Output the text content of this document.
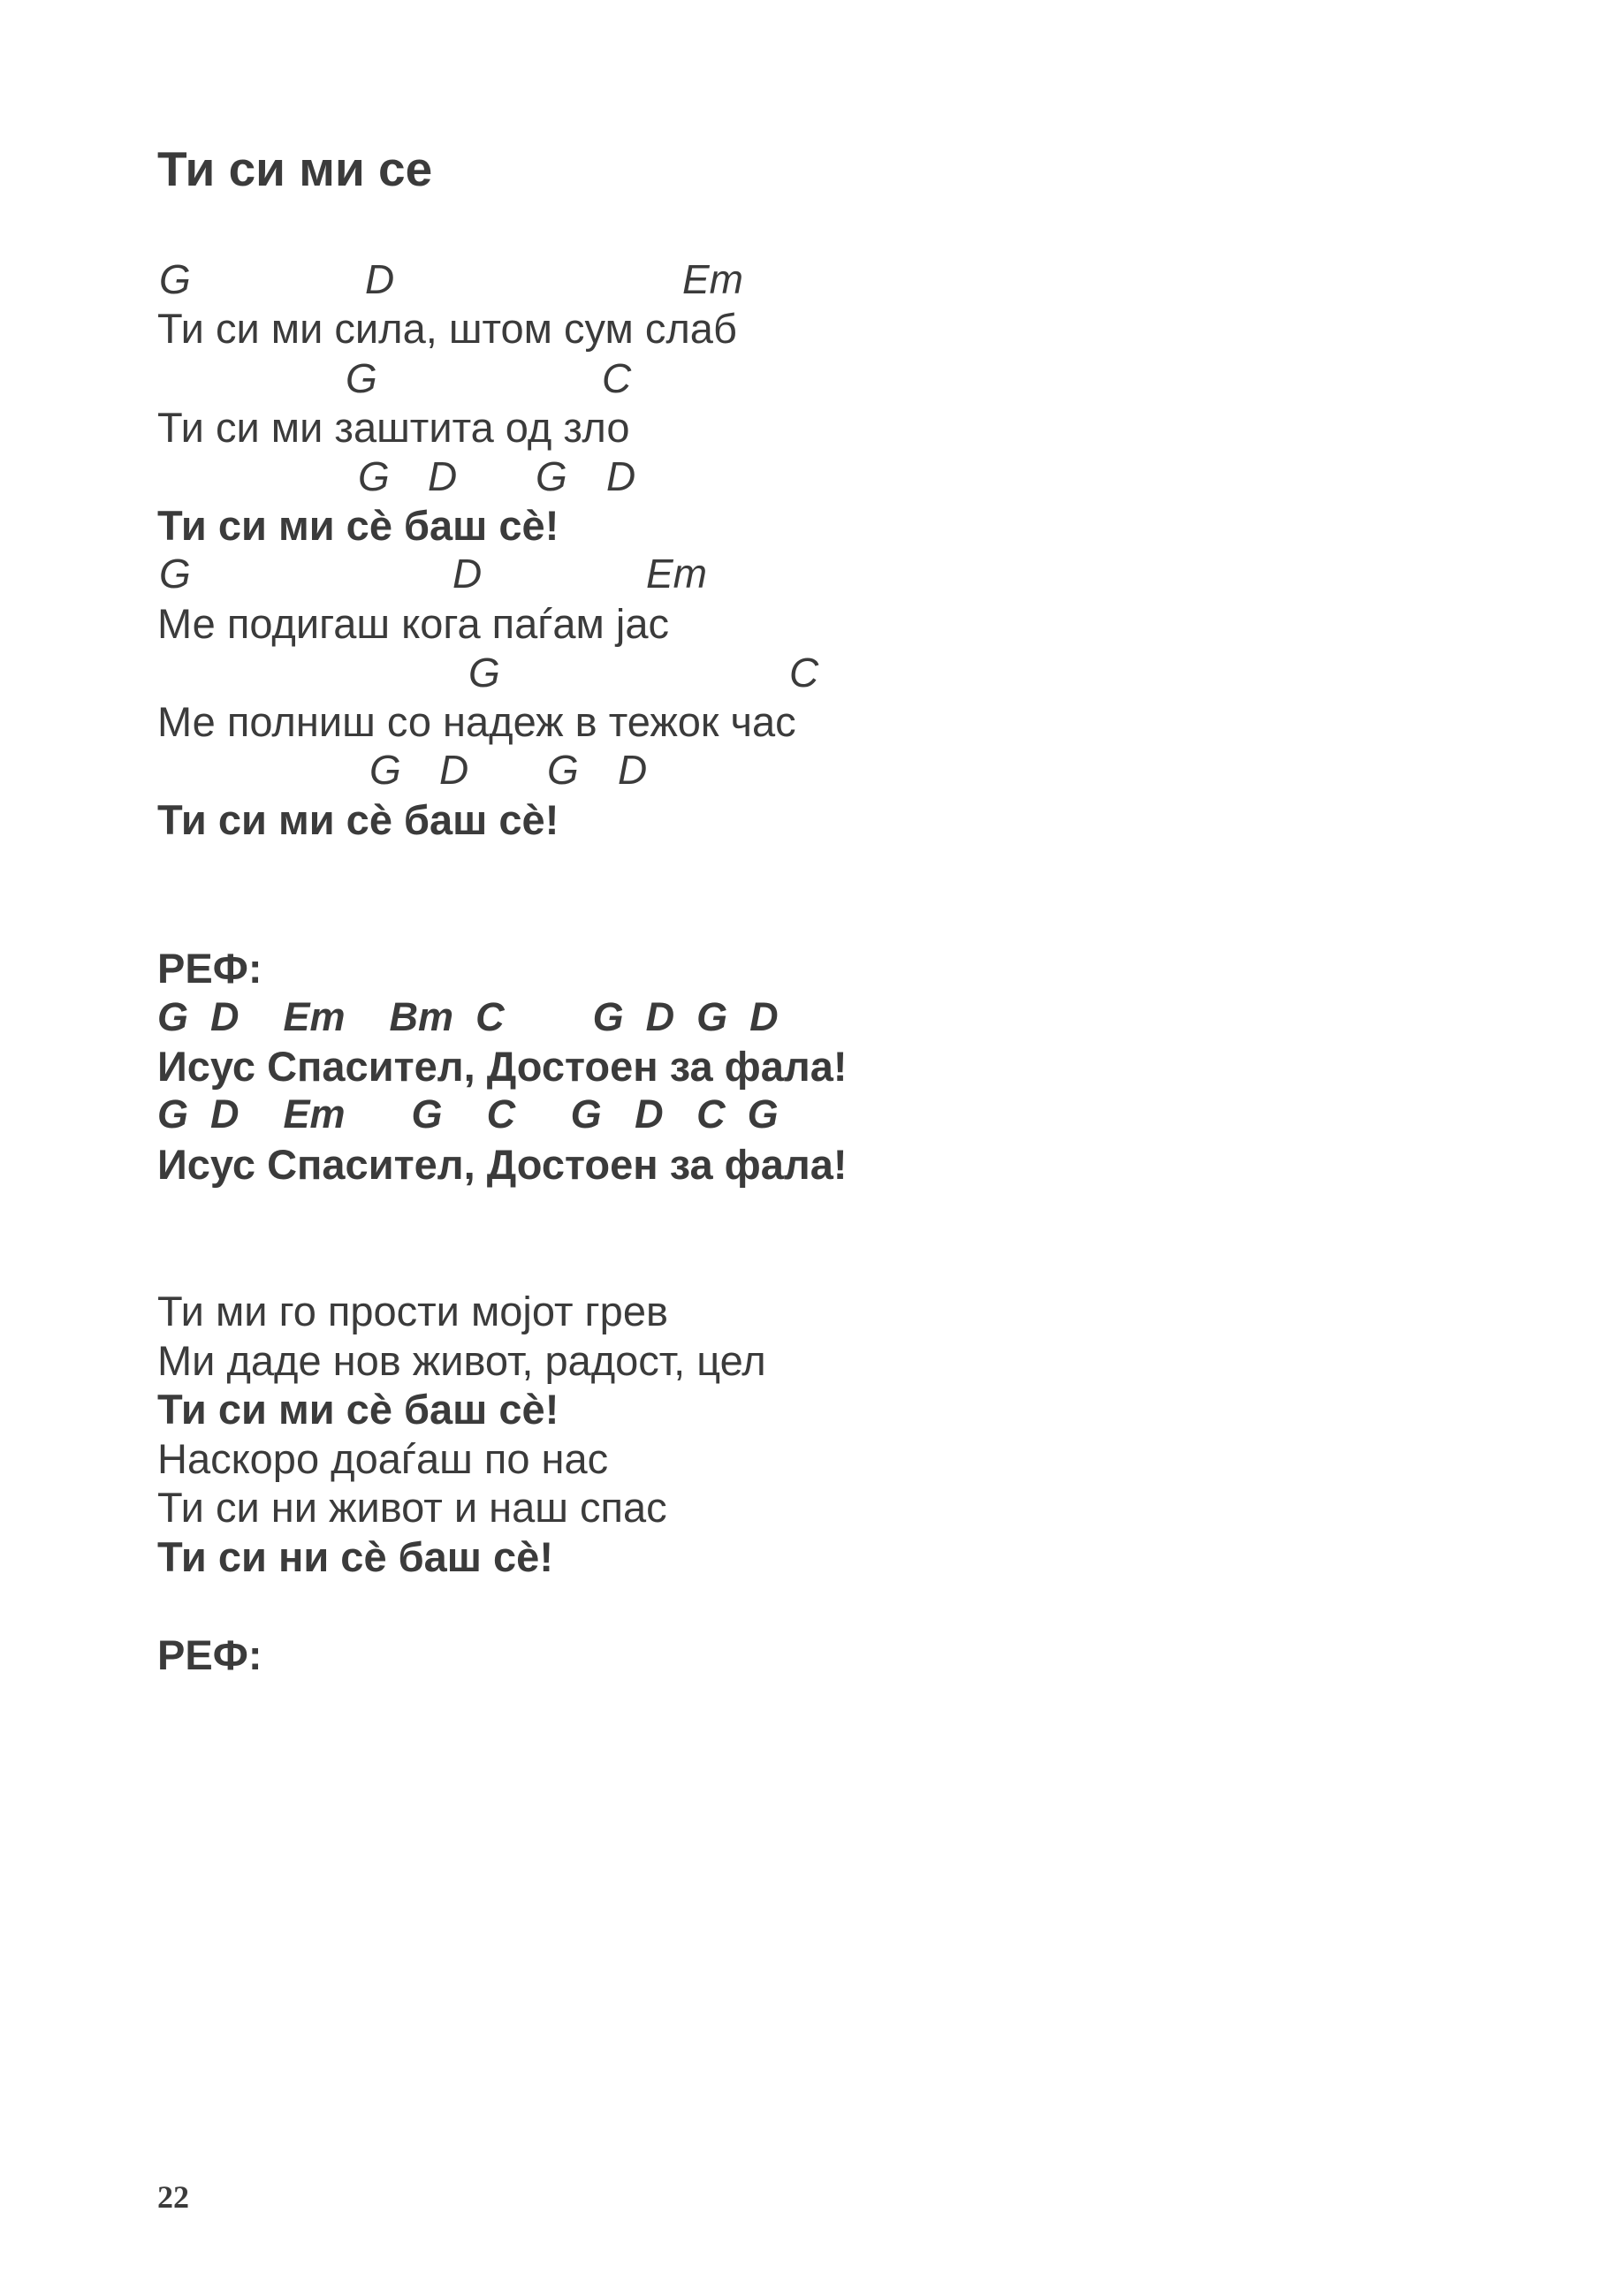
Ти си ми се
G	D	Em
Ти си ми сила, штом сум слаб
G	C
Ти си ми заштита од зло
G D G D
Ти си ми сѐ баш сѐ!
G	D	Em
Ме подигаш кога паѓам јас
G	C
Ме полниш со надеж в тежок час
G D G D
Ти си ми сѐ баш сѐ!
РЕФ:
G  D    Em    Bm  C        G  D  G  D
Исус Спасител, Достоен за фала!
G  D    Em      G    C     G   D   C  G
Исус Спасител, Достоен за фала!
Ти ми го прости мојот грев
Ми даде нов живот, радост, цел
Ти си ми сѐ баш сѐ!
Наскоро доаѓаш по нас
Ти си ни живот и наш спас
Ти си ни сѐ баш сѐ!
РЕФ:
22
